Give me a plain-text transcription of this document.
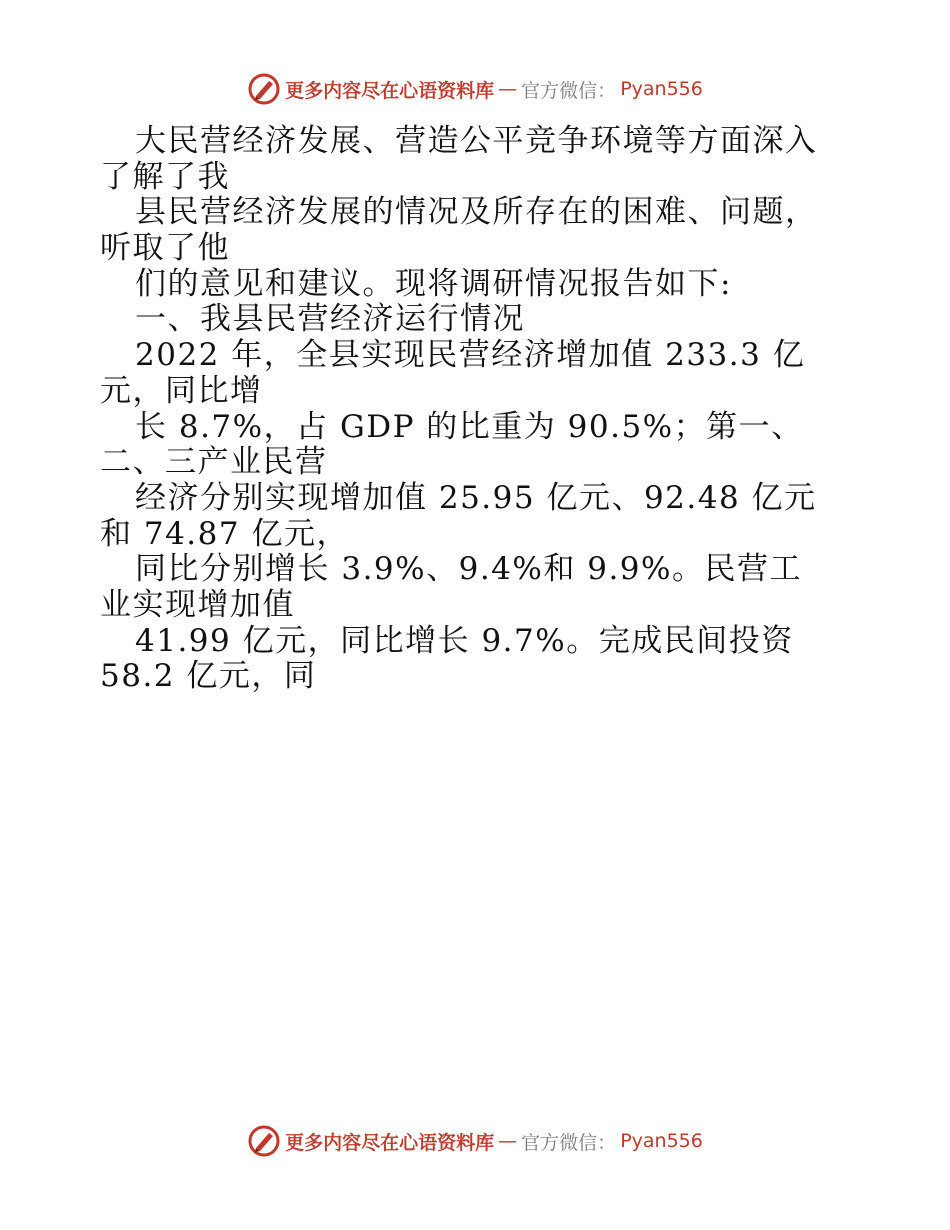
更多内容尽在心语资料库 — 官方微信： Pyan556
大民营经济发展、营造公平竞争环境等方面深入
了解了我
县民营经济发展的情况及所存在的困难、问题，
听取了他
们的意见和建议。现将调研情况报告如下:
一、我县民营经济运行情况
2022 年，全县实现民营经济增加值 233.3 亿
元，同比增
长 8.7%，占 GDP 的比重为 90.5%；第一、
二、三产业民营
经济分别实现增加值 25.95 亿元、92.48 亿元
和 74.87 亿元，
同比分别增长 3.9%、9.4%和 9.9%。民营工
业实现增加值
41.99 亿元，同比增长 9.7%。完成民间投资
58.2 亿元，同
更多内容尽在心语资料库 — 官方微信： Pyan556
